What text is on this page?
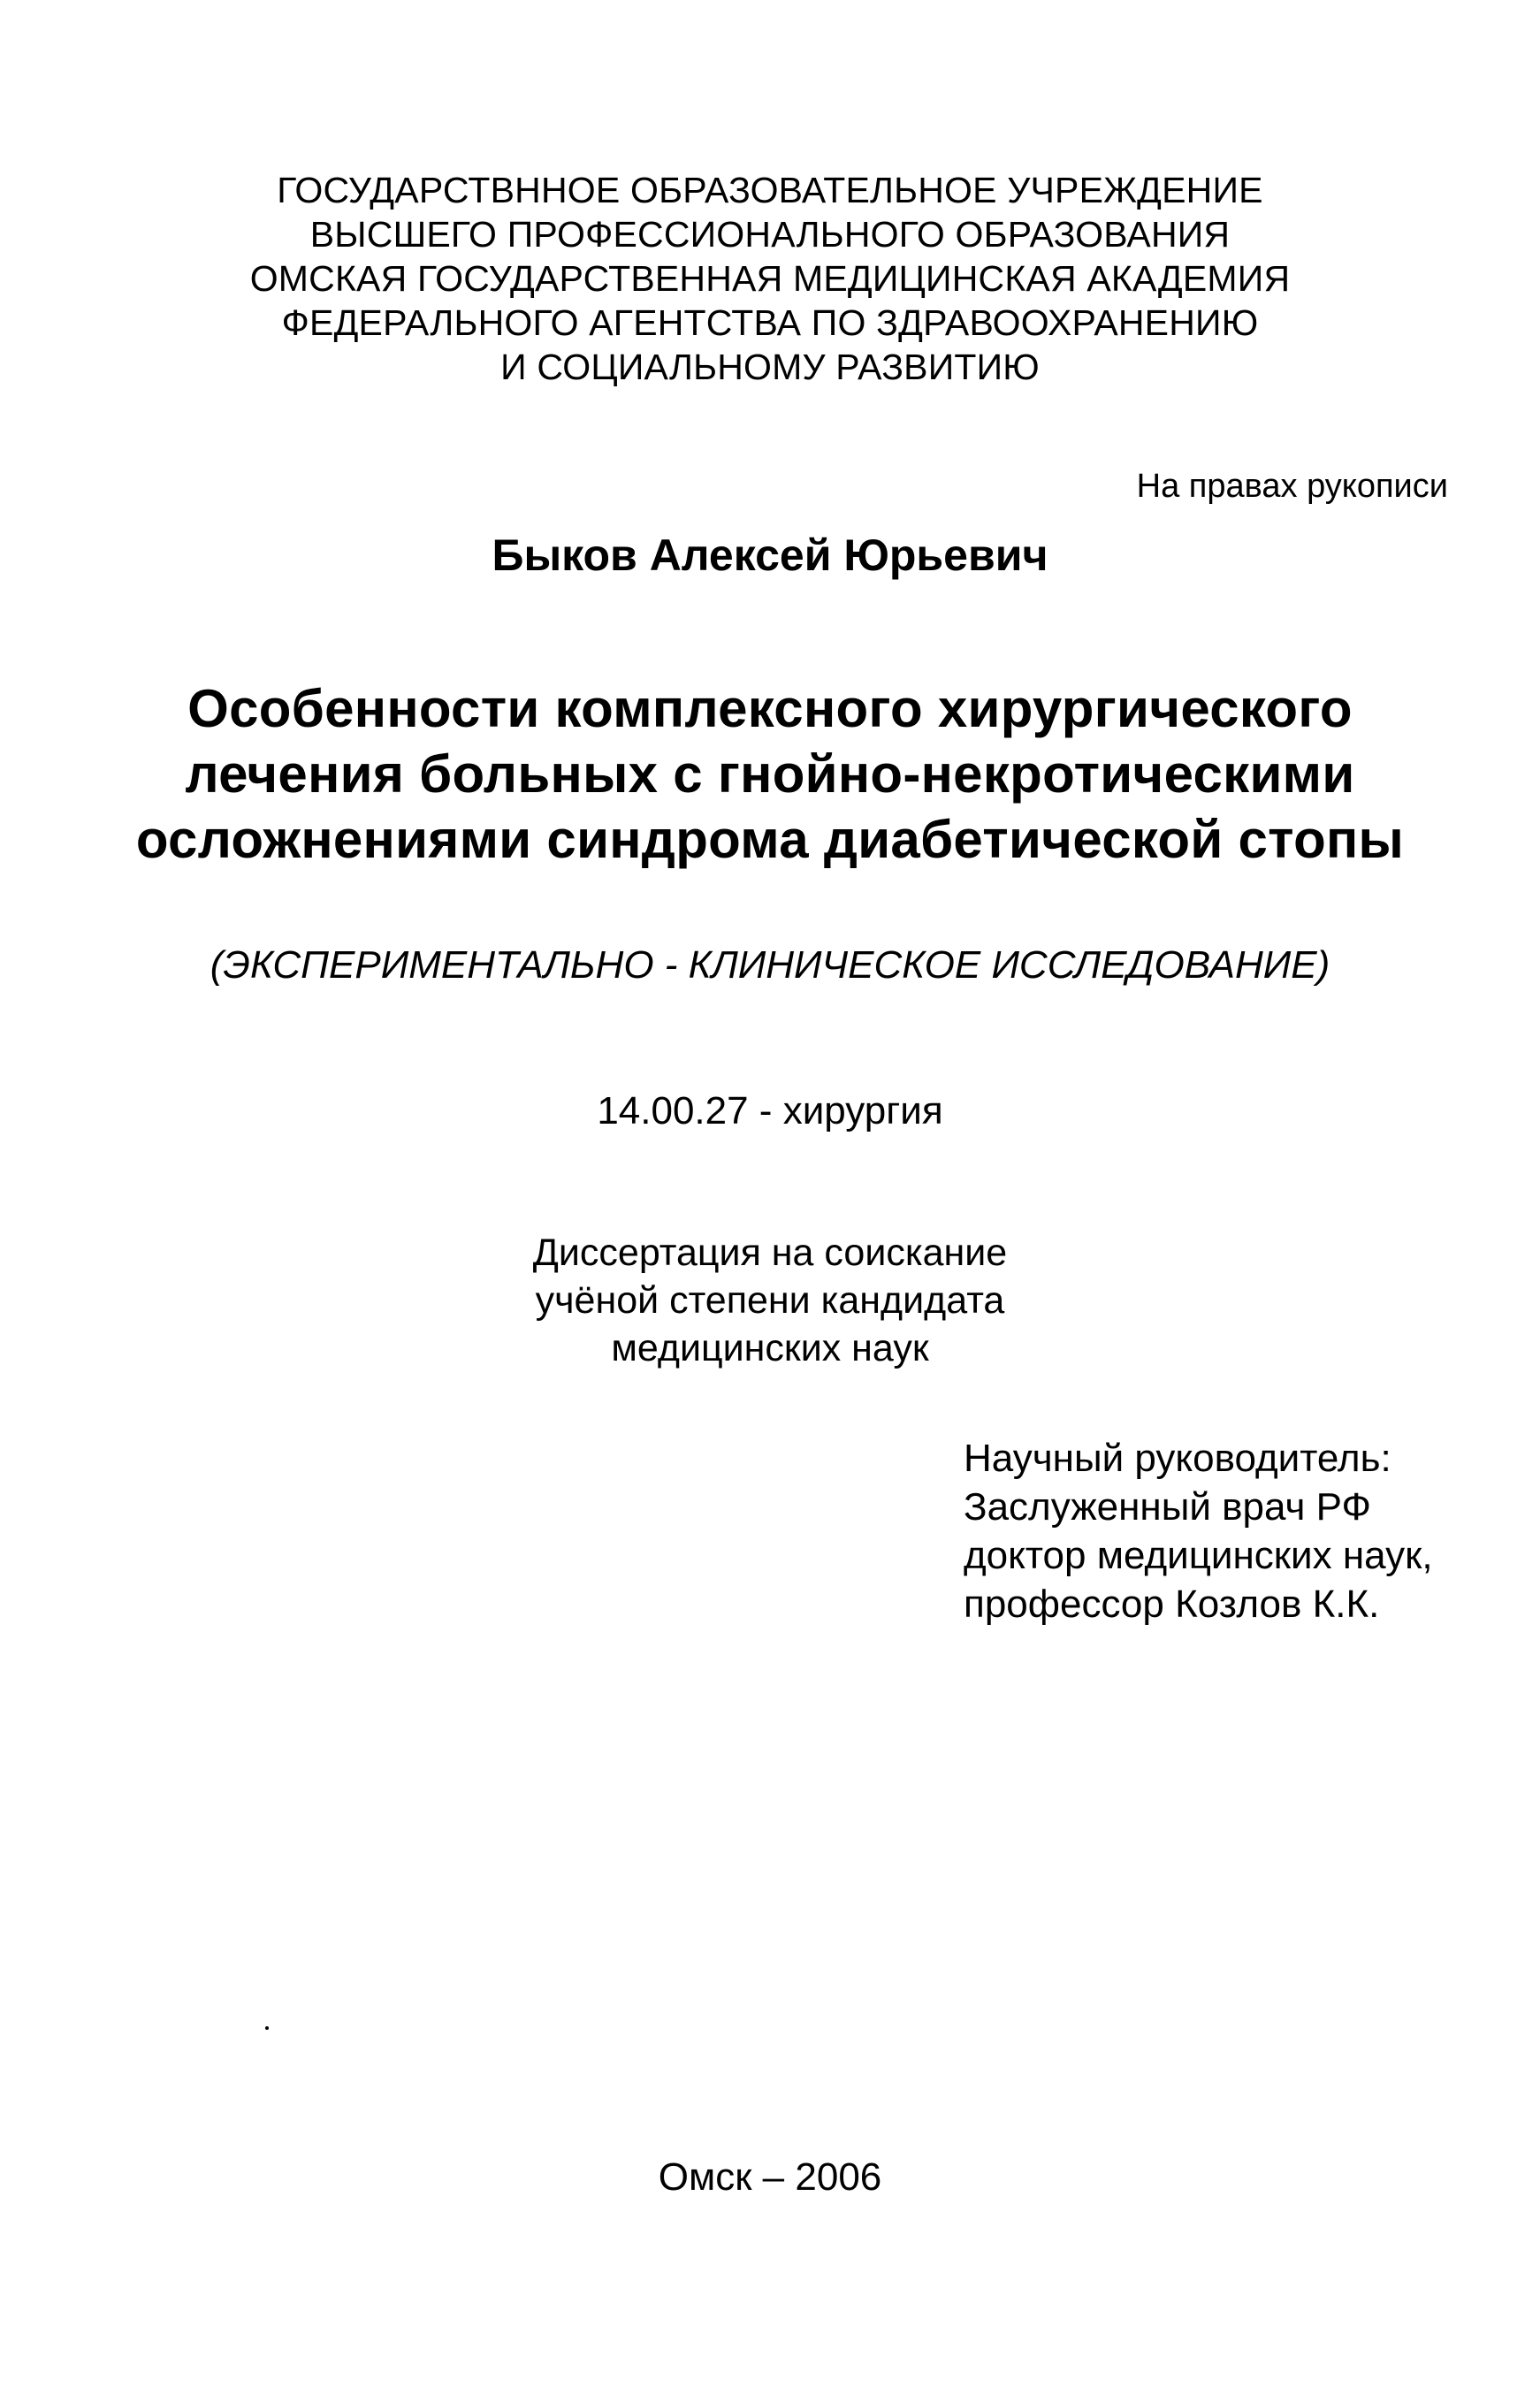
ГОСУДАРСТВННОЕ ОБРАЗОВАТЕЛЬНОЕ УЧРЕЖДЕНИЕ
ВЫСШЕГО ПРОФЕССИОНАЛЬНОГО ОБРАЗОВАНИЯ
ОМСКАЯ ГОСУДАРСТВЕННАЯ МЕДИЦИНСКАЯ АКАДЕМИЯ
ФЕДЕРАЛЬНОГО АГЕНТСТВА ПО ЗДРАВООХРАНЕНИЮ
И СОЦИАЛЬНОМУ РАЗВИТИЮ
На правах рукописи
Быков Алексей Юрьевич
Особенности комплексного хирургического
лечения больных с гнойно-некротическими
осложнениями синдрома диабетической стопы
(ЭКСПЕРИМЕНТАЛЬНО - КЛИНИЧЕСКОЕ ИССЛЕДОВАНИЕ)
14.00.27 - хирургия
Диссертация на соискание
учёной степени кандидата
медицинских наук
Научный руководитель:
Заслуженный врач РФ
доктор медицинских наук,
профессор Козлов К.К.
Омск – 2006
